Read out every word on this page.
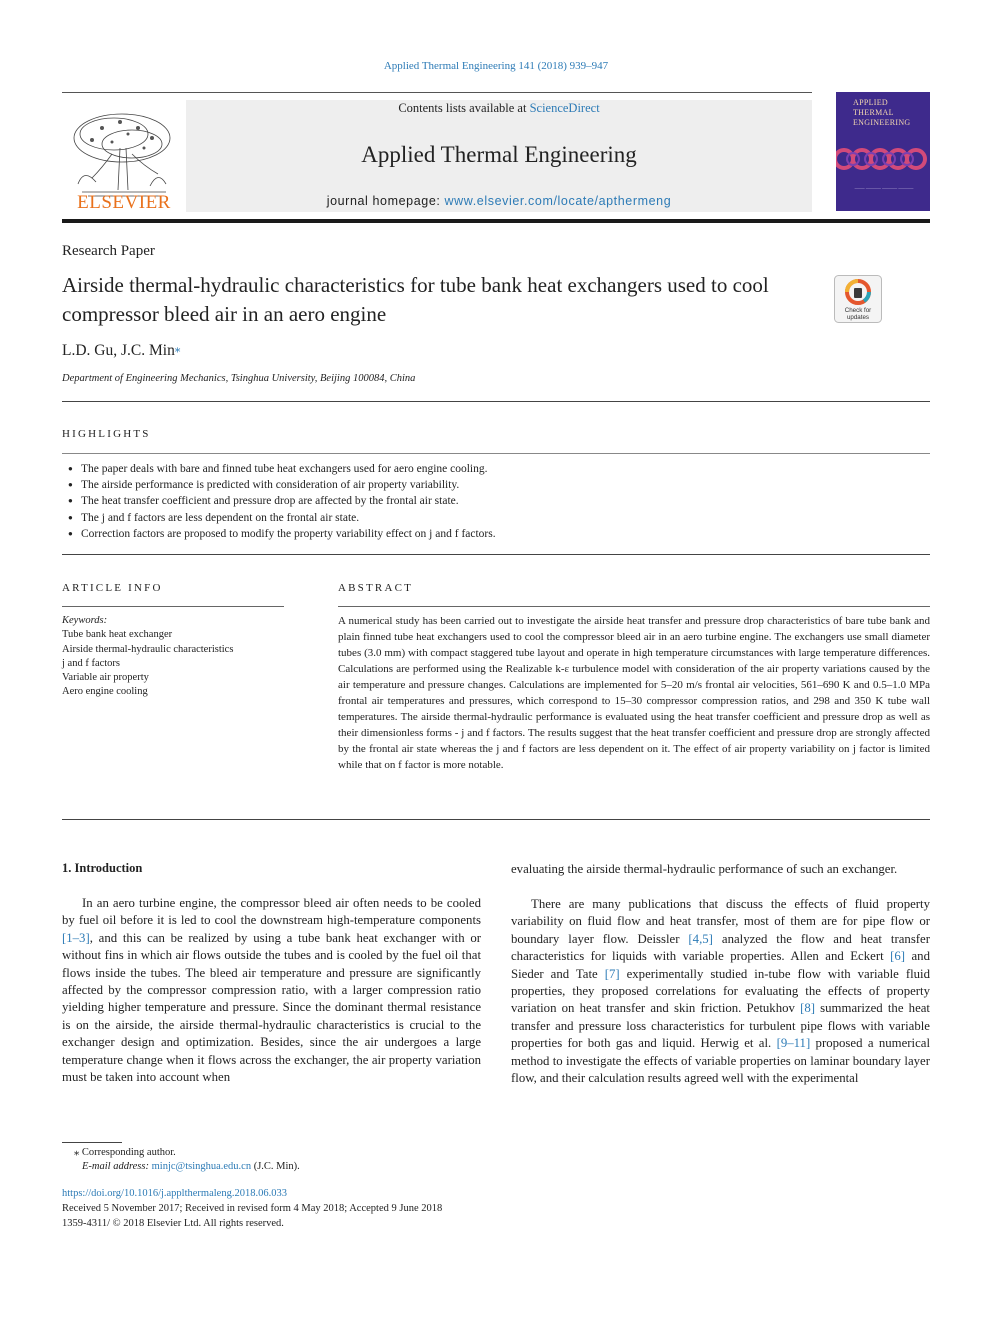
Applied Thermal Engineering 141 (2018) 939–947
ELSEVIER
Contents lists available at ScienceDirect
Applied Thermal Engineering
journal homepage: www.elsevier.com/locate/apthermeng
APPLIED THERMAL ENGINEERING
—— ——— ——— ———
Research Paper
Airside thermal-hydraulic characteristics for tube bank heat exchangers used to cool compressor bleed air in an aero engine	Check for
updates
L.D. Gu, J.C. Min⁎
Department of Engineering Mechanics, Tsinghua University, Beijing 100084, China
HIGHLIGHTS
● The paper deals with bare and finned tube heat exchangers used for aero engine cooling.
● The airside performance is predicted with consideration of air property variability.
● The heat transfer coefficient and pressure drop are affected by the frontal air state.
● The j and f factors are less dependent on the frontal air state.
● Correction factors are proposed to modify the property variability effect on j and f factors.
ARTICLE INFO	ABSTRACT
Keywords:
Tube bank heat exchanger
Airside thermal-hydraulic characteristics
j and f factors
Variable air property
Aero engine cooling
A numerical study has been carried out to investigate the airside heat transfer and pressure drop characteristics of bare tube bank and plain finned tube heat exchangers used to cool the compressor bleed air in an aero turbine engine. The exchangers use small diameter tubes (3.0 mm) with compact staggered tube layout and operate in high temperature circumstances with large temperature differences. Calculations are performed using the Realizable k-ε turbulence model with consideration of the air property variations caused by the air temperature and pressure changes. Calculations are implemented for 5–20 m/s frontal air velocities, 561–690 K and 0.5–1.0 MPa frontal air temperatures and pressures, which correspond to 15–30 compressor compression ratios, and 298 and 350 K tube wall temperatures. The airside thermal-hydraulic performance is evaluated using the heat transfer coefficient and pressure drop as well as their dimensionless forms - j and f factors. The results suggest that the heat transfer coefficient and pressure drop are strongly affected by the frontal air state whereas the j and f factors are less dependent on it. The effect of air property variability on j factor is limited while that on f factor is more notable.
1. Introduction

In an aero turbine engine, the compressor bleed air often needs to be cooled by fuel oil before it is led to cool the downstream high-temperature components [1–3], and this can be realized by using a tube bank heat exchanger with or without fins in which air flows outside the tubes and is cooled by the fuel oil that flows inside the tubes. The bleed air temperature and pressure are significantly affected by the compressor compression ratio, with a larger compression ratio yielding higher temperature and pressure. Since the dominant thermal resistance is on the airside, the airside thermal-hydraulic characteristics is crucial to the exchanger design and optimization. Besides, since the air undergoes a large temperature change when it flows across the exchanger, the air property variation must be taken into account when

evaluating the airside thermal-hydraulic performance of such an exchanger.

There are many publications that discuss the effects of fluid property variability on fluid flow and heat transfer, most of them are for pipe flow or boundary layer flow. Deissler [4,5] analyzed the flow and heat transfer characteristics for liquids with variable properties. Allen and Eckert [6] and Sieder and Tate [7] experimentally studied in-tube flow with variable fluid properties, they proposed correlations for evaluating the effects of property variation on heat transfer and skin friction. Petukhov [8] summarized the heat transfer and pressure loss characteristics for turbulent pipe flows with variable properties for both gas and liquid. Herwig et al. [9–11] proposed a numerical method to investigate the effects of variable properties on laminar boundary layer flow, and their calculation results agreed well with the experimental

⁎ Corresponding author.
E-mail address: minjc@tsinghua.edu.cn (J.C. Min).
https://doi.org/10.1016/j.applthermaleng.2018.06.033
Received 5 November 2017; Received in revised form 4 May 2018; Accepted 9 June 2018
1359-4311/ © 2018 Elsevier Ltd. All rights reserved.
